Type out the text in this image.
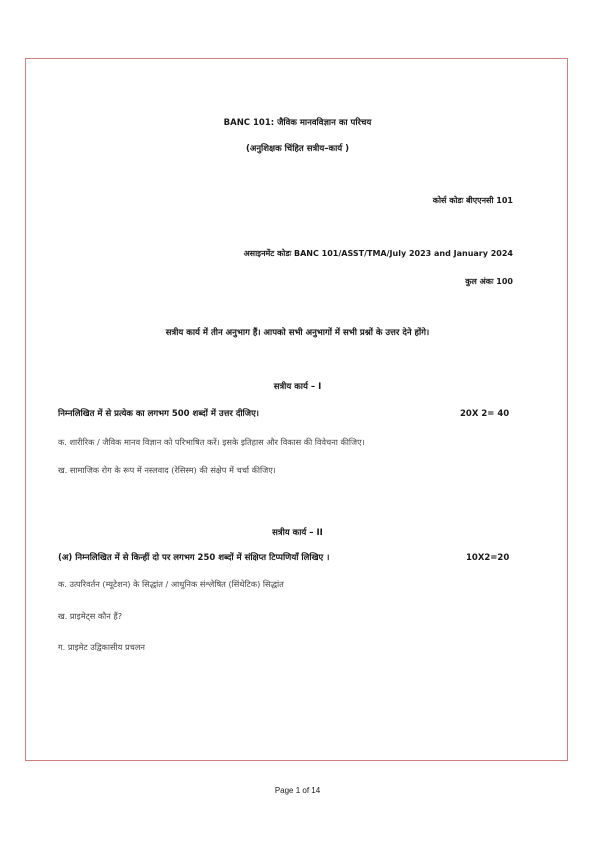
BANC 101: जैविक मानवविज्ञान का परिचय
(अनुशिक्षक चिंहित सत्रीय–कार्य )
कोर्स कोडः बीएएनसी 101
असाइनमेंट कोडः BANC 101/ASST/TMA/July 2023 and January 2024
कुल अंकः 100
सत्रीय कार्य में तीन अनुभाग हैं। आपको सभी अनुभागों में सभी प्रश्नों के उत्तर देने होंगे।
सत्रीय कार्य – I
निम्नलिखित में से प्रत्येक का लगभग 500 शब्दों में उत्तर दीजिए।	20X 2= 40
क. शारीरिक / जैविक मानव विज्ञान को परिभाषित करें। इसके इतिहास और विकास की विवेचना कीजिए।
ख. सामाजिक रोग के रूप में नस्लवाद (रेसिस्म) की संक्षेप में चर्चा कीजिए।
सत्रीय कार्य – II
(अ) निम्नलिखित में से किन्हीं दो पर लगभग 250 शब्दों में संक्षिप्त टिप्पणियाँ लिखिए ।	10X2=20
क. उत्परिवर्तन (म्यूटेशन) के सिद्धांत / आधुनिक संश्लेषित (सिंथेटिक) सिद्धांत
ख. प्राइमेट्स कौन हैं?
ग. प्राइमेट उद्विकासीय प्रचलन
Page 1 of 14
